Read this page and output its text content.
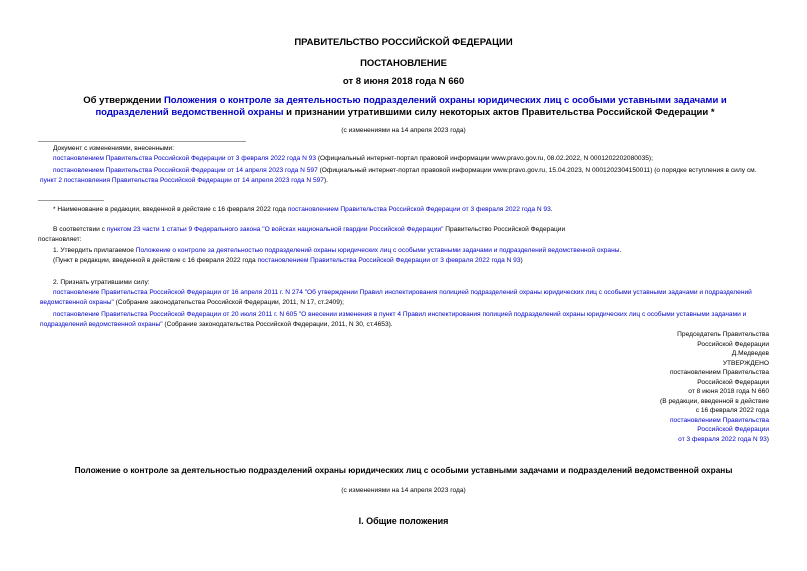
ПРАВИТЕЛЬСТВО РОССИЙСКОЙ ФЕДЕРАЦИИ
ПОСТАНОВЛЕНИЕ
от 8 июня 2018 года N 660
Об утверждении Положения о контроле за деятельностью подразделений охраны юридических лиц с особыми уставными задачами и подразделений ведомственной охраны и признании утратившими силу некоторых актов Правительства Российской Федерации *
(с изменениями на 14 апреля 2023 года)
Документ с изменениями, внесенными:
постановлением Правительства Российской Федерации от 3 февраля 2022 года N 93 (Официальный интернет-портал правовой информации www.pravo.gov.ru, 08.02.2022, N 0001202202080035);
постановлением Правительства Российской Федерации от 14 апреля 2023 года N 597 (Официальный интернет-портал правовой информации www.pravo.gov.ru, 15.04.2023, N 0001202304150011) (о порядке вступления в силу см. пункт 2 постановления Правительства Российской Федерации от 14 апреля 2023 года N 597).
* Наименование в редакции, введенной в действие с 16 февраля 2022 года постановлением Правительства Российской Федерации от 3 февраля 2022 года N 93.
В соответствии с пунктом 23 части 1 статьи 9 Федерального закона "О войсках национальной гвардии Российской Федерации" Правительство Российской Федерации
постановляет:
1. Утвердить прилагаемое Положение о контроле за деятельностью подразделений охраны юридических лиц с особыми уставными задачами и подразделений ведомственной охраны.
(Пункт в редакции, введенной в действие с 16 февраля 2022 года постановлением Правительства Российской Федерации от 3 февраля 2022 года N 93)
2. Признать утратившими силу:
постановление Правительства Российской Федерации от 16 апреля 2011 г. N 274 "Об утверждении Правил инспектирования полицией подразделений охраны юридических лиц с особыми уставными задачами и подразделений ведомственной охраны" (Собрание законодательства Российской Федерации, 2011, N 17, ст.2409);
постановление Правительства Российской Федерации от 20 июля 2011 г. N 605 "О внесении изменения в пункт 4 Правил инспектирования полицией подразделений охраны юридических лиц с особыми уставными задачами и подразделений ведомственной охраны" (Собрание законодательства Российской Федерации, 2011, N 30, ст.4653).
Председатель Правительства
Российской Федерации
Д.Медведев
УТВЕРЖДЕНО
постановлением Правительства
Российской Федерации
от 8 июня 2018 года N 660
(В редакции, введенной в действие
с 16 февраля 2022 года
постановлением Правительства
Российской Федерации
от 3 февраля 2022 года N 93)
Положение о контроле за деятельностью подразделений охраны юридических лиц с особыми уставными задачами и подразделений ведомственной охраны
(с изменениями на 14 апреля 2023 года)
I. Общие положения
